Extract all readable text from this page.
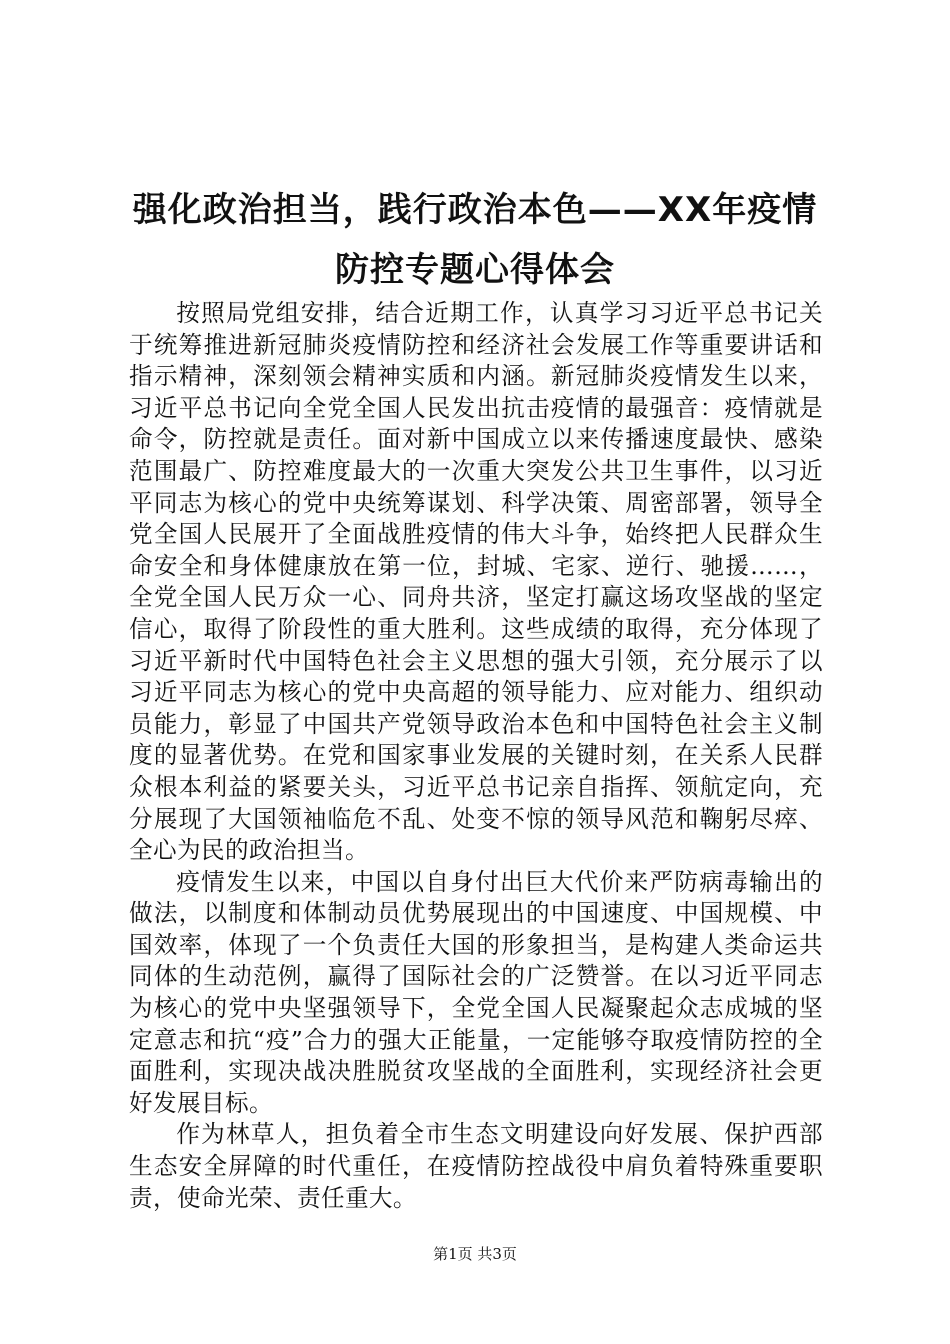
强化政治担当，践行政治本色——XX年疫情
防控专题心得体会

按照局党组安排，结合近期工作，认真学习习近平总书记关于统筹推进新冠肺炎疫情防控和经济社会发展工作等重要讲话和指示精神，深刻领会精神实质和内涵。新冠肺炎疫情发生以来，习近平总书记向全党全国人民发出抗击疫情的最强音：疫情就是命令，防控就是责任。面对新中国成立以来传播速度最快、感染范围最广、防控难度最大的一次重大突发公共卫生事件，以习近平同志为核心的党中央统筹谋划、科学决策、周密部署，领导全党全国人民展开了全面战胜疫情的伟大斗争，始终把人民群众生命安全和身体健康放在第一位，封城、宅家、逆行、驰援……，全党全国人民万众一心、同舟共济，坚定打赢这场攻坚战的坚定信心，取得了阶段性的重大胜利。这些成绩的取得，充分体现了习近平新时代中国特色社会主义思想的强大引领，充分展示了以习近平同志为核心的党中央高超的领导能力、应对能力、组织动员能力，彰显了中国共产党领导政治本色和中国特色社会主义制度的显著优势。在党和国家事业发展的关键时刻，在关系人民群众根本利益的紧要关头，习近平总书记亲自指挥、领航定向，充分展现了大国领袖临危不乱、处变不惊的领导风范和鞠躬尽瘁、全心为民的政治担当。

疫情发生以来，中国以自身付出巨大代价来严防病毒输出的做法，以制度和体制动员优势展现出的中国速度、中国规模、中国效率，体现了一个负责任大国的形象担当，是构建人类命运共同体的生动范例，赢得了国际社会的广泛赞誉。在以习近平同志为核心的党中央坚强领导下，全党全国人民凝聚起众志成城的坚定意志和抗“疫”合力的强大正能量，一定能够夺取疫情防控的全面胜利，实现决战决胜脱贫攻坚战的全面胜利，实现经济社会更好发展目标。

作为林草人，担负着全市生态文明建设向好发展、保护西部生态安全屏障的时代重任，在疫情防控战役中肩负着特殊重要职责，使命光荣、责任重大。

第1页 共3页
